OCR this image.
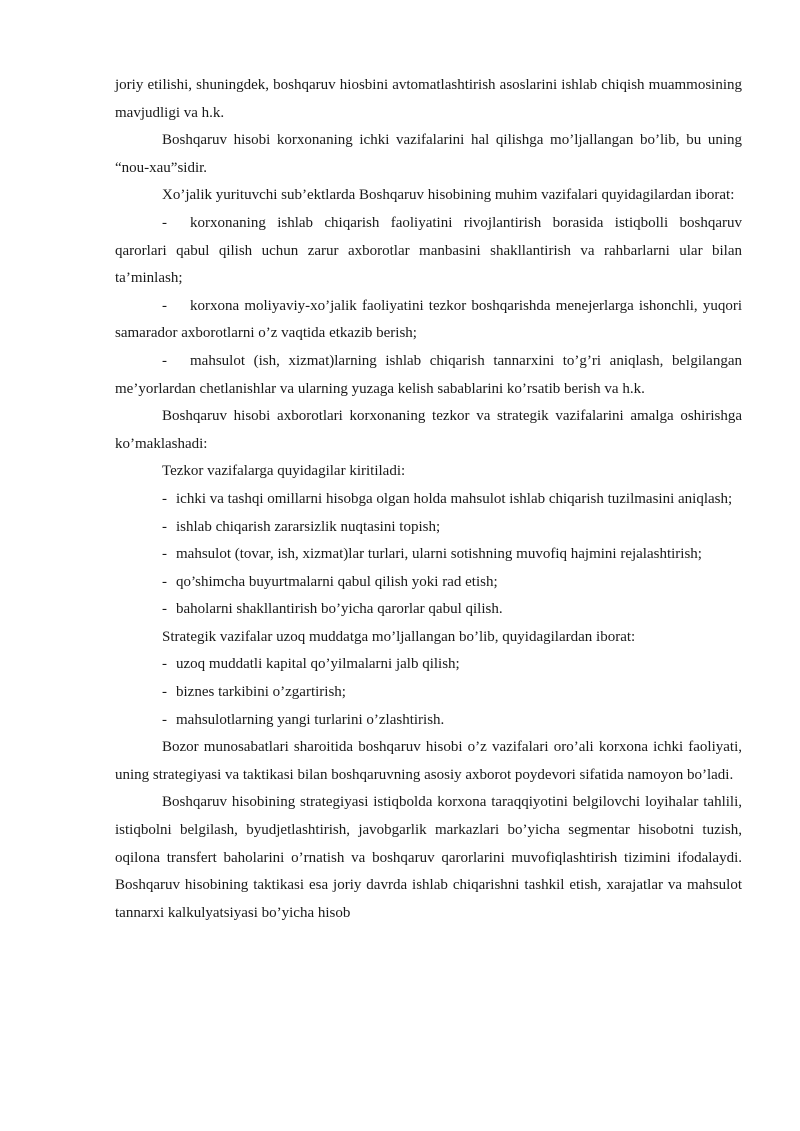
joriy etilishi, shuningdek, boshqaruv hiosbini avtomatlashtirish asoslarini ishlab chiqish muammosining mavjudligi va h.k.

Boshqaruv hisobi korxonaning ichki vazifalarini hal qilishga mo’ljallangan bo’lib, bu uning “nou-xau”sidir.

Xo’jalik yurituvchi sub’ektlarda Boshqaruv hisobining muhim vazifalari quyidagilardan iborat:

- korxonaning ishlab chiqarish faoliyatini rivojlantirish borasida istiqbolli boshqaruv qarorlari qabul qilish uchun zarur axborotlar manbasini shakllantirish va rahbarlarni ular bilan ta’minlash;

- korxona moliyaviy-xo’jalik faoliyatini tezkor boshqarishda menejerlarga ishonchli, yuqori samarador axborotlarni o’z vaqtida etkazib berish;

- mahsulot (ish, xizmat)larning ishlab chiqarish tannarxini to’g’ri aniqlash, belgilangan me’yorlardan chetlanishlar va ularning yuzaga kelish sabablarini ko’rsatib berish va h.k.

Boshqaruv hisobi axborotlari korxonaning tezkor va strategik vazifalarini amalga oshirishga ko’maklashadi:

Tezkor vazifalarga quyidagilar kiritiladi:

- ichki va tashqi omillarni hisobga olgan holda mahsulot ishlab chiqarish tuzilmasini aniqlash;

- ishlab chiqarish zararsizlik nuqtasini topish;

- mahsulot (tovar, ish, xizmat)lar turlari, ularni sotishning muvofiq hajmini rejalashtirish;

- qo’shimcha buyurtmalarni qabul qilish yoki rad etish;

- baholarni shakllantirish bo’yicha qarorlar qabul qilish.

Strategik vazifalar uzoq muddatga mo’ljallangan bo’lib, quyidagilardan iborat:

- uzoq muddatli kapital qo’yilmalarni jalb qilish;

- biznes tarkibini o’zgartirish;

- mahsulotlarning yangi turlarini o’zlashtirish.

Bozor munosabatlari sharoitida boshqaruv hisobi o’z vazifalari oro’ali korxona ichki faoliyati, uning strategiyasi va taktikasi bilan boshqaruvning asosiy axborot poydevori sifatida namoyon bo’ladi.

Boshqaruv hisobining strategiyasi istiqbolda korxona taraqqiyotini belgilovchi loyihalar tahlili, istiqbolni belgilash, byudjetlashtirish, javobgarlik markazlari bo’yicha segmentar hisobotni tuzish, oqilona transfert baholarini o’rnatish va boshqaruv qarorlarini muvofiqlashtirish tizimini ifodalaydi. Boshqaruv hisobining taktikasi esa joriy davrda ishlab chiqarishni tashkil etish, xarajatlar va mahsulot tannarxi kalkulyatsiyasi bo’yicha hisob
